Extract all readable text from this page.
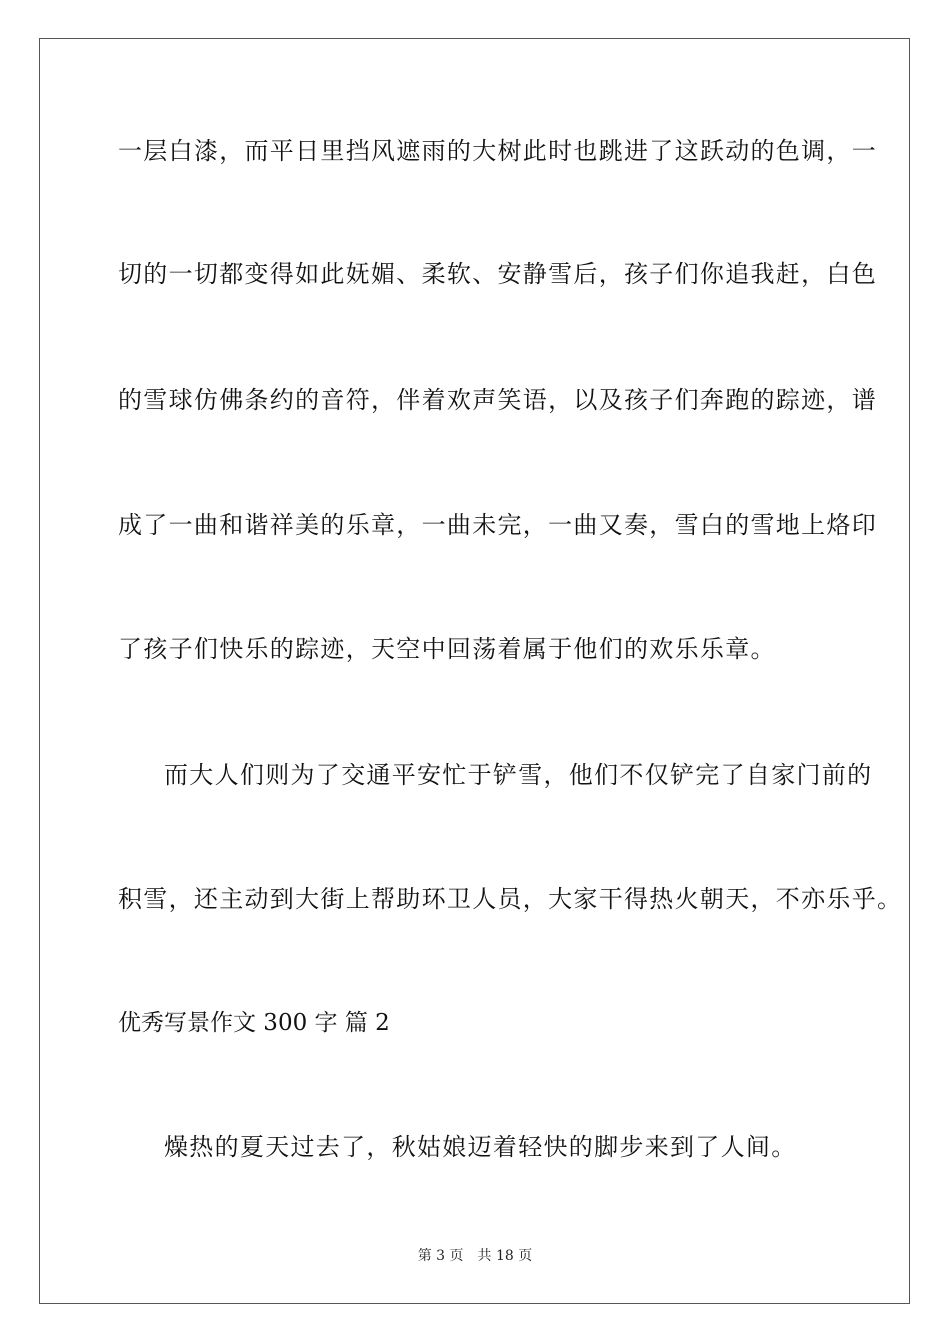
一层白漆，而平日里挡风遮雨的大树此时也跳进了这跃动的色调，一
切的一切都变得如此妩媚、柔软、安静雪后，孩子们你追我赶，白色
的雪球仿佛条约的音符，伴着欢声笑语，以及孩子们奔跑的踪迹，谱
成了一曲和谐祥美的乐章，一曲未完，一曲又奏，雪白的雪地上烙印
了孩子们快乐的踪迹，天空中回荡着属于他们的欢乐乐章。
而大人们则为了交通平安忙于铲雪，他们不仅铲完了自家门前的
积雪，还主动到大街上帮助环卫人员，大家干得热火朝天，不亦乐乎。
优秀写景作文 300 字 篇 2
燥热的夏天过去了，秋姑娘迈着轻快的脚步来到了人间。
第 3 页 共 18 页
